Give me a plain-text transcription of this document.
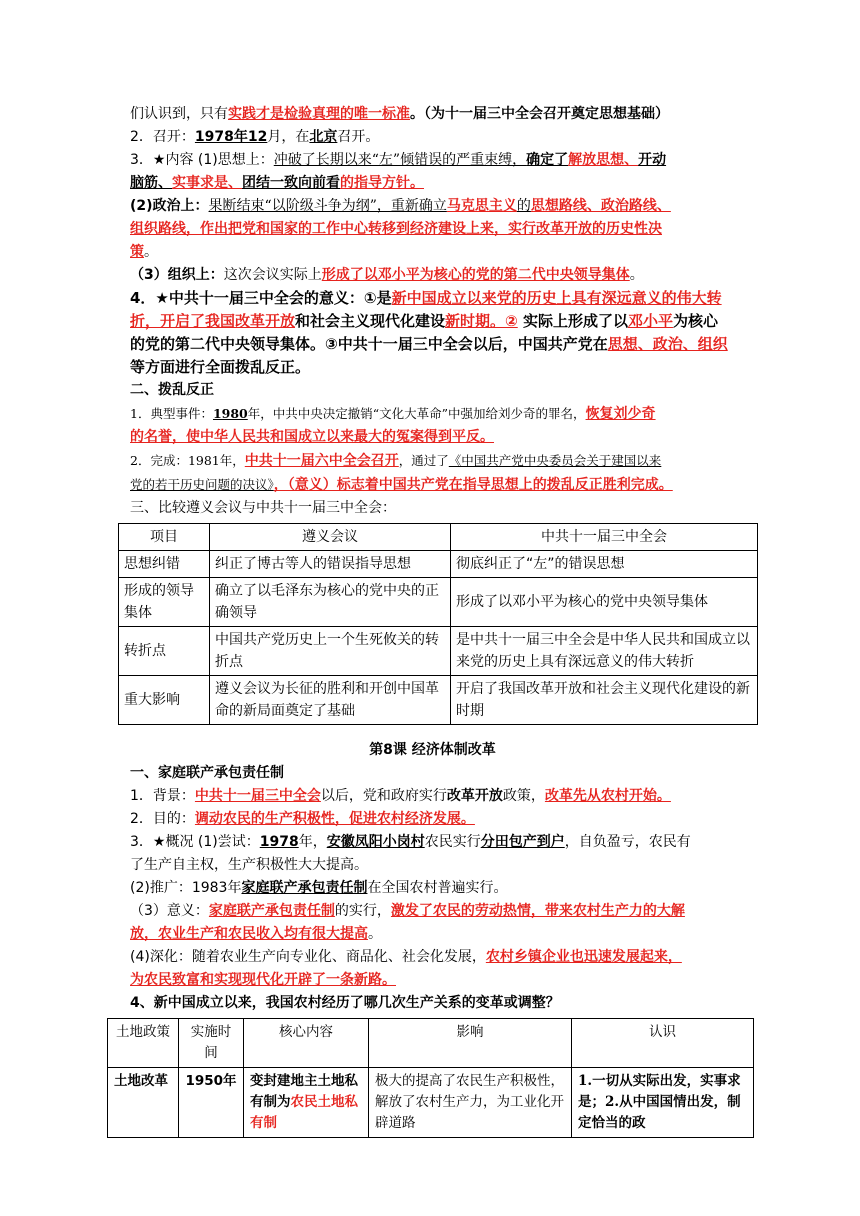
们认识到，只有实践才是检验真理的唯一标准。（为十一届三中全会召开奠定思想基础）
2．召开：1978年12月，在北京召开。
3．★内容 (1)思想上：冲破了长期以来“左”倾错误的严重束缚，确定了解放思想、开动
脑筋、实事求是、团结一致向前看的指导方针。
(2)政治上：果断结束“以阶级斗争为纲”，重新确立马克思主义的思想路线、政治路线、
组织路线，作出把党和国家的工作中心转移到经济建设上来，实行改革开放的历史性决
策。
（3）组织上：这次会议实际上形成了以邓小平为核心的党的第二代中央领导集体。
4．★中共十一届三中全会的意义：①是新中国成立以来党的历史上具有深远意义的伟大转
折，开启了我国改革开放和社会主义现代化建设新时期。② 实际上形成了以邓小平为核心
的党的第二代中央领导集体。③中共十一届三中全会以后，中国共产党在思想、政治、组织
等方面进行全面拨乱反正。
二、拨乱反正
1．典型事件：1980年，中共中央决定撤销“文化大革命”中强加给刘少奇的罪名，恢复刘少奇
的名誉，使中华人民共和国成立以来最大的冤案得到平反。
2．完成：1981年，中共十一届六中全会召开，通过了《中国共产党中央委员会关于建国以来
党的若干历史问题的决议》，（意义）标志着中国共产党在指导思想上的拨乱反正胜利完成。
三、比较遵义会议与中共十一届三中全会：
项目	遵义会议	中共十一届三中全会
思想纠错	纠正了博古等人的错误指导思想	彻底纠正了“左”的错误思想
形成的领导集体	确立了以毛泽东为核心的党中央的正确领导	形成了以邓小平为核心的党中央领导集体
转折点	中国共产党历史上一个生死攸关的转折点	是中共十一届三中全会是中华人民共和国成立以来党的历史上具有深远意义的伟大转折
重大影响	遵义会议为长征的胜利和开创中国革命的新局面奠定了基础	开启了我国改革开放和社会主义现代化建设的新时期
第8课 经济体制改革
一、家庭联产承包责任制
1．背景：中共十一届三中全会以后，党和政府实行改革开放政策，改革先从农村开始。
2．目的：调动农民的生产积极性，促进农村经济发展。
3．★概况 (1)尝试：1978年，安徽凤阳小岗村农民实行分田包产到户，自负盈亏，农民有
了生产自主权，生产积极性大大提高。
(2)推广：1983年家庭联产承包责任制在全国农村普遍实行。
（3）意义：家庭联产承包责任制的实行，激发了农民的劳动热情，带来农村生产力的大解
放，农业生产和农民收入均有很大提高。
(4)深化：随着农业生产向专业化、商品化、社会化发展，农村乡镇企业也迅速发展起来，
为农民致富和实现现代化开辟了一条新路。
4、新中国成立以来，我国农村经历了哪几次生产关系的变革或调整？
土地政策	实施时间	核心内容	影响	认识
土地改革	1950年	变封建地主土地私有制为农民土地私有制	极大的提高了农民生产积极性，解放了农村生产力，为工业化开辟道路	1.一切从实际出发，实事求是；2.从中国国情出发，制定恰当的政
